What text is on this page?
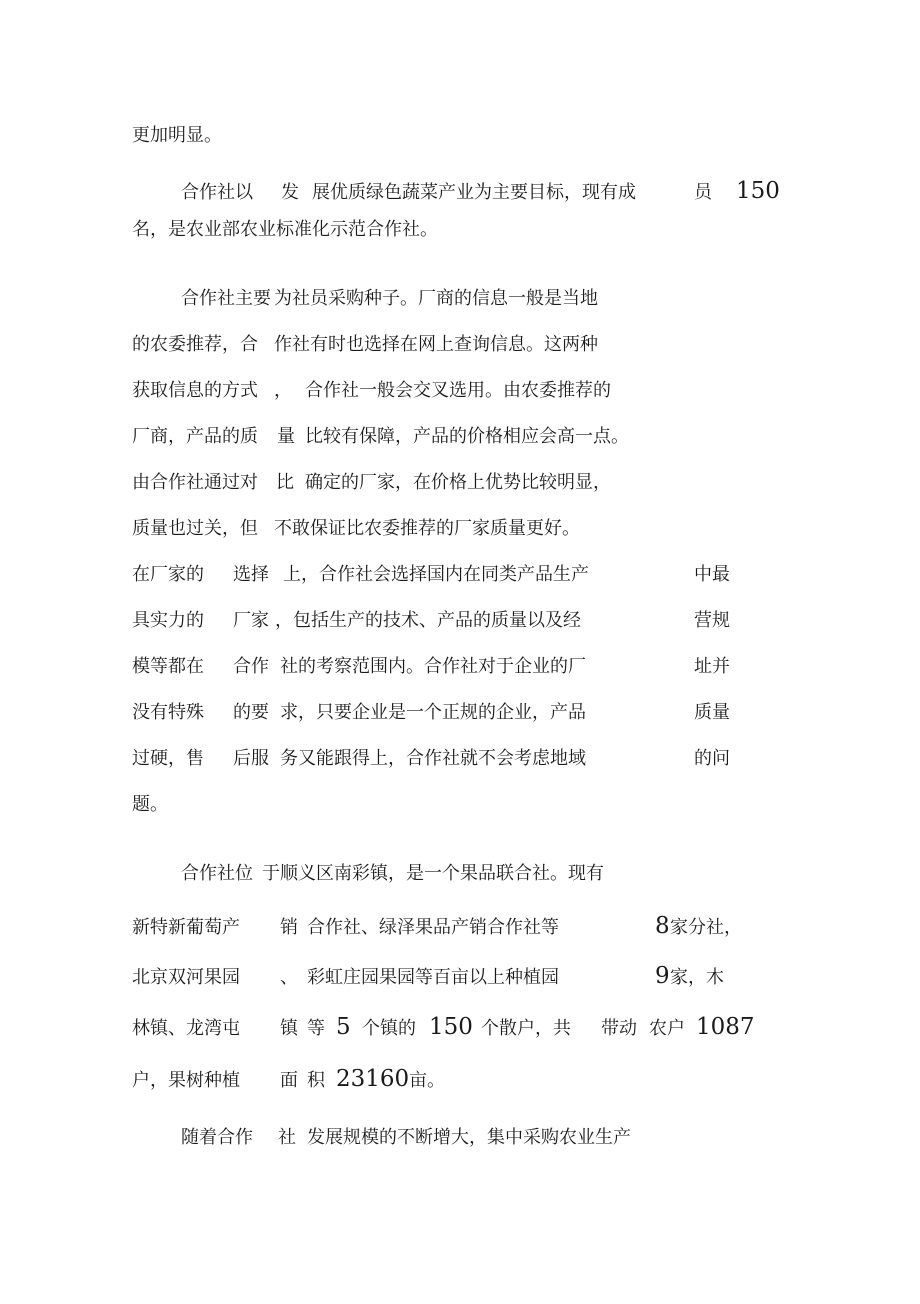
更加明显。
合作社以 发 展优质绿色蔬菜产业为主要目标，现有成	员 150
名，是农业部农业标准化示范合作社。
合作社主要 为社员采购种子。厂商的信息一般是当地
的农委推荐，合 作社有时也选择在网上查询信息。这两种
获取信息的方式 ， 合作社一般会交叉选用。由农委推荐的
厂商，产品的质 量 比较有保障，产品的价格相应会高一点。
由合作社通过对 比 确定的厂家，在价格上优势比较明显，
质量也过关，但 不敢保证比农委推荐的厂家质量更好。
在厂家的 选择 上，合作社会选择国内在同类产品生产	中最
具实力的 厂家 ，包括生产的技术、产品的质量以及经	营规
模等都在 合作 社的考察范围内。合作社对于企业的厂	址并
没有特殊 的要 求，只要企业是一个正规的企业，产品	质量
过硬，售 后服 务又能跟得上，合作社就不会考虑地域	的问
题。
合作社位 于 顺义区南彩镇，是一个果品联合社。现有
新特新葡萄产 销 合作社、绿泽果品产销合作社等	8 家分社，
北京双河果园 、 彩虹庄园果园等百亩以上种植园	9 家，木
林镇、龙湾屯 镇 等 5 个镇的 150 个散户，共 带动 农户 1087
户，果树种植 面 积 23160 亩。
随着合作 社 发展规模的不断增大，集中采购农业生产
